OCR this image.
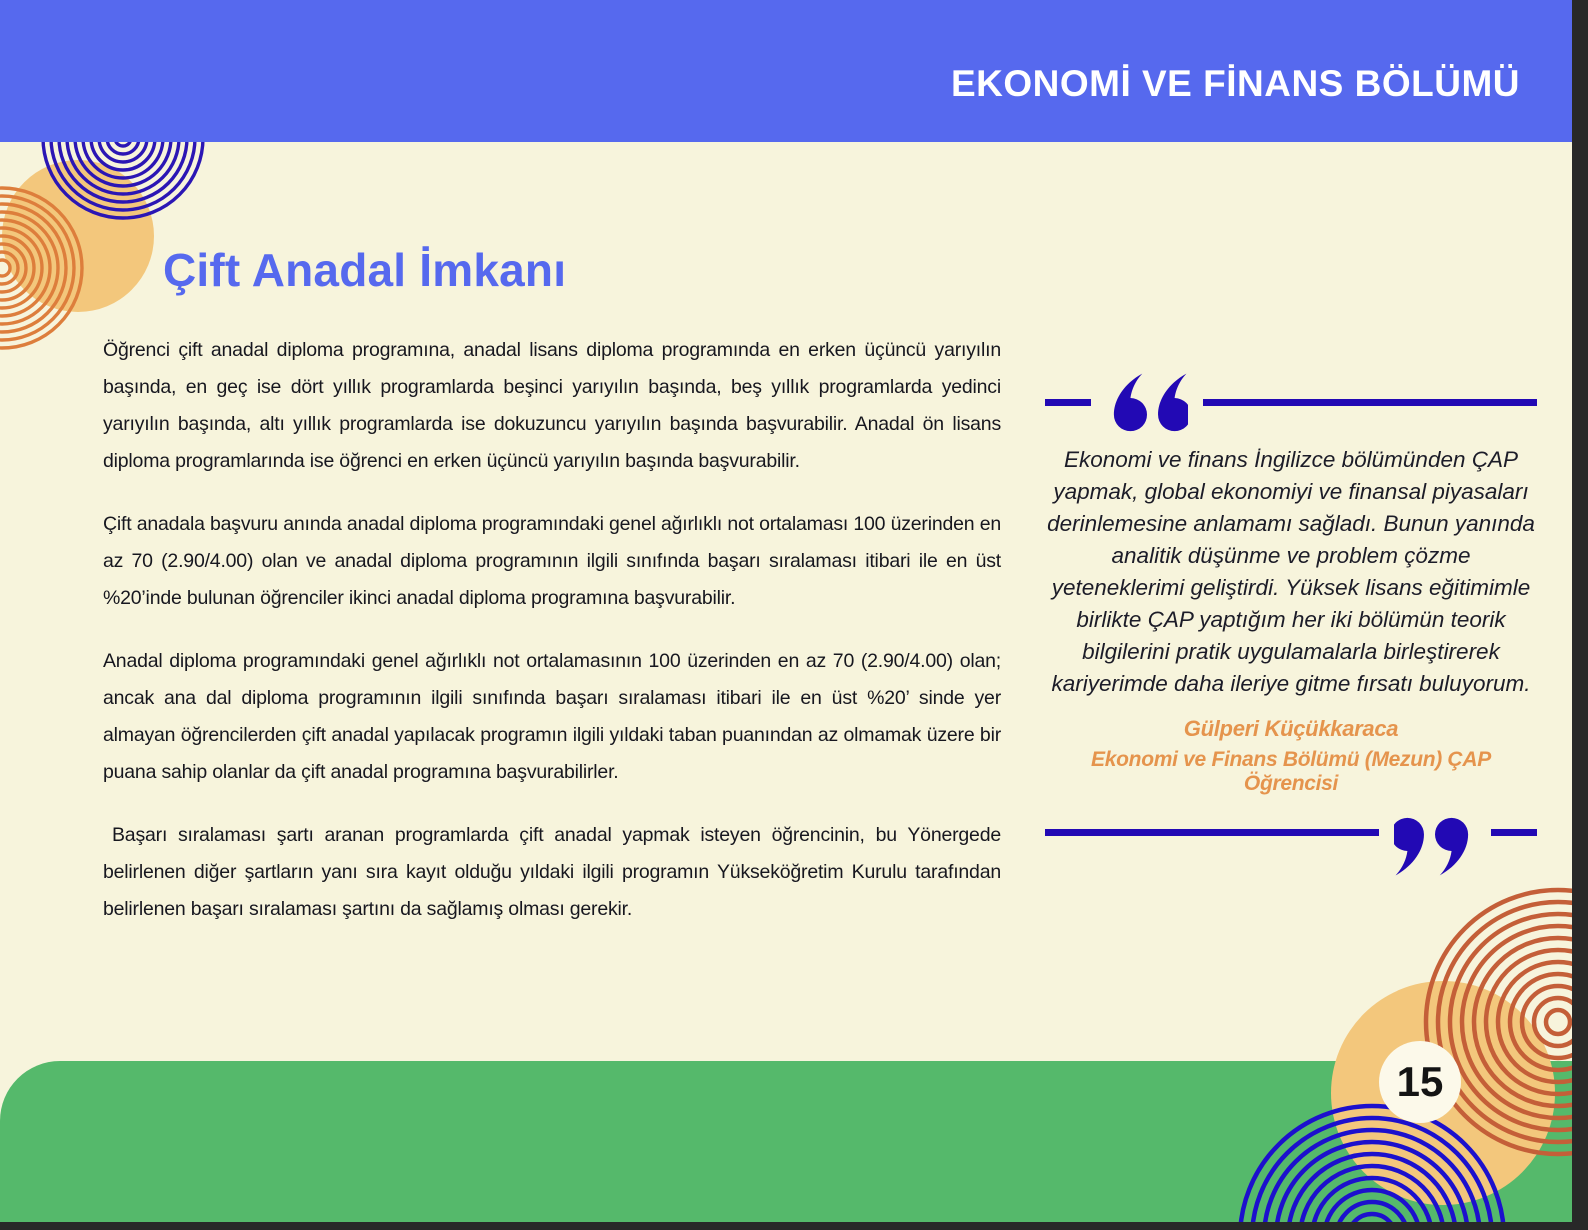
EKONOMİ VE FİNANS BÖLÜMÜ
Çift Anadal İmkanı

Öğrenci çift anadal diploma programına, anadal lisans diploma programında en erken üçüncü yarıyılın başında, en geç ise dört yıllık programlarda beşinci yarıyılın başında, beş yıllık programlarda yedinci yarıyılın başında, altı yıllık programlarda ise dokuzuncu yarıyılın başında başvurabilir. Anadal ön lisans diploma programlarında ise öğrenci en erken üçüncü yarıyılın başında başvurabilir.

Çift anadala başvuru anında anadal diploma programındaki genel ağırlıklı not ortalaması 100 üzerinden en az 70 (2.90/4.00) olan ve anadal diploma programının ilgili sınıfında başarı sıralaması itibari ile en üst %20’inde bulunan öğrenciler ikinci anadal diploma programına başvurabilir.

Anadal diploma programındaki genel ağırlıklı not ortalamasının 100 üzerinden en az 70 (2.90/4.00) olan; ancak ana dal diploma programının ilgili sınıfında başarı sıralaması itibari ile en üst %20’ sinde yer almayan öğrencilerden çift anadal yapılacak programın ilgili yıldaki taban puanından az olmamak üzere bir puana sahip olanlar da çift anadal programına başvurabilirler.

Başarı sıralaması şartı aranan programlarda çift anadal yapmak isteyen öğrencinin, bu Yönergede belirlenen diğer şartların yanı sıra kayıt olduğu yıldaki ilgili programın Yükseköğretim Kurulu tarafından belirlenen başarı sıralaması şartını da sağlamış olması gerekir.

Ekonomi ve finans İngilizce bölümünden ÇAP yapmak, global ekonomiyi ve finansal piyasaları derinlemesine anlamamı sağladı. Bunun yanında analitik düşünme ve problem çözme yeteneklerimi geliştirdi. Yüksek lisans eğitimimle birlikte ÇAP yaptığım her iki bölümün teorik bilgilerini pratik uygulamalarla birleştirerek kariyerimde daha ileriye gitme fırsatı buluyorum.

Gülperi Küçükkaraca
Ekonomi ve Finans Bölümü (Mezun) ÇAP Öğrencisi
15
